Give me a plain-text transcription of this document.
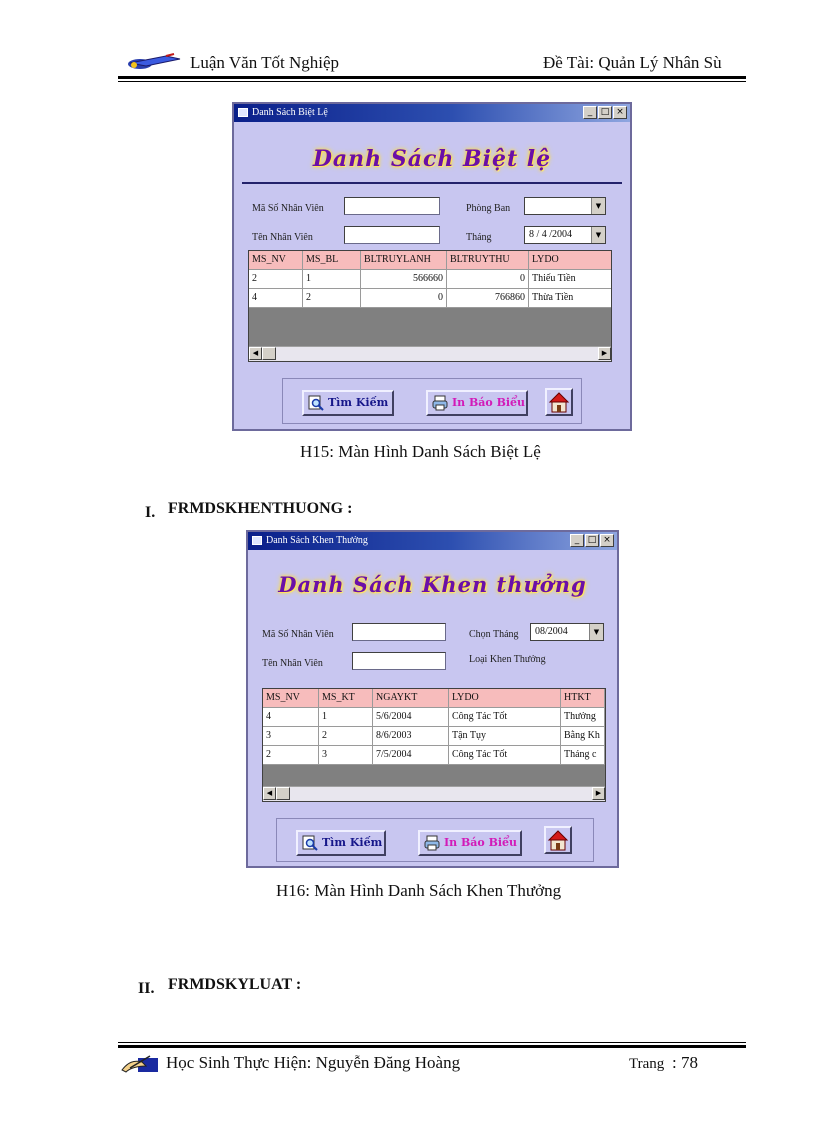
Luận Văn Tốt Nghiệp	Đề Tài: Quản Lý Nhân Sù
Danh Sách Biệt Lệ	_ □ ×
Danh Sách Biệt lệ
Mã Số Nhân Viên	Phòng Ban	▼
Tên Nhân Viên	Tháng	8 / 4 /2004	▼
MS_NV	MS_BL	BLTRUYLANH	BLTRUYTHU	LYDO
2	1	566660	0 Thiếu Tiền
4	2	0	766860 Thừa Tiền
◀	▶
Tìm Kiếm	In Báo Biểu
H15: Màn Hình Danh Sách Biệt Lệ
I. FRMDSKHENTHUONG :
Danh Sách Khen Thưởng	_ □ ×
Danh Sách Khen thưởng
Mã Số Nhân Viên	Chọn Tháng	08/2004	▼
Tên Nhân Viên	Loại Khen Thưởng
MS_NV	MS_KT	NGAYKT	LYDO	HTKT
4	1	5/6/2004	Công Tác Tốt	Thưởng
3	2	8/6/2003	Tận Tụy	Bằng Kh
2	3	7/5/2004	Công Tác Tốt	Tháng c
◀	▶
Tìm Kiếm	In Báo Biểu
H16: Màn Hình Danh Sách Khen Thưởng
II. FRMDSKYLUAT :
Học Sinh Thực Hiện: Nguyễn Đăng Hoàng	Trang : 78
